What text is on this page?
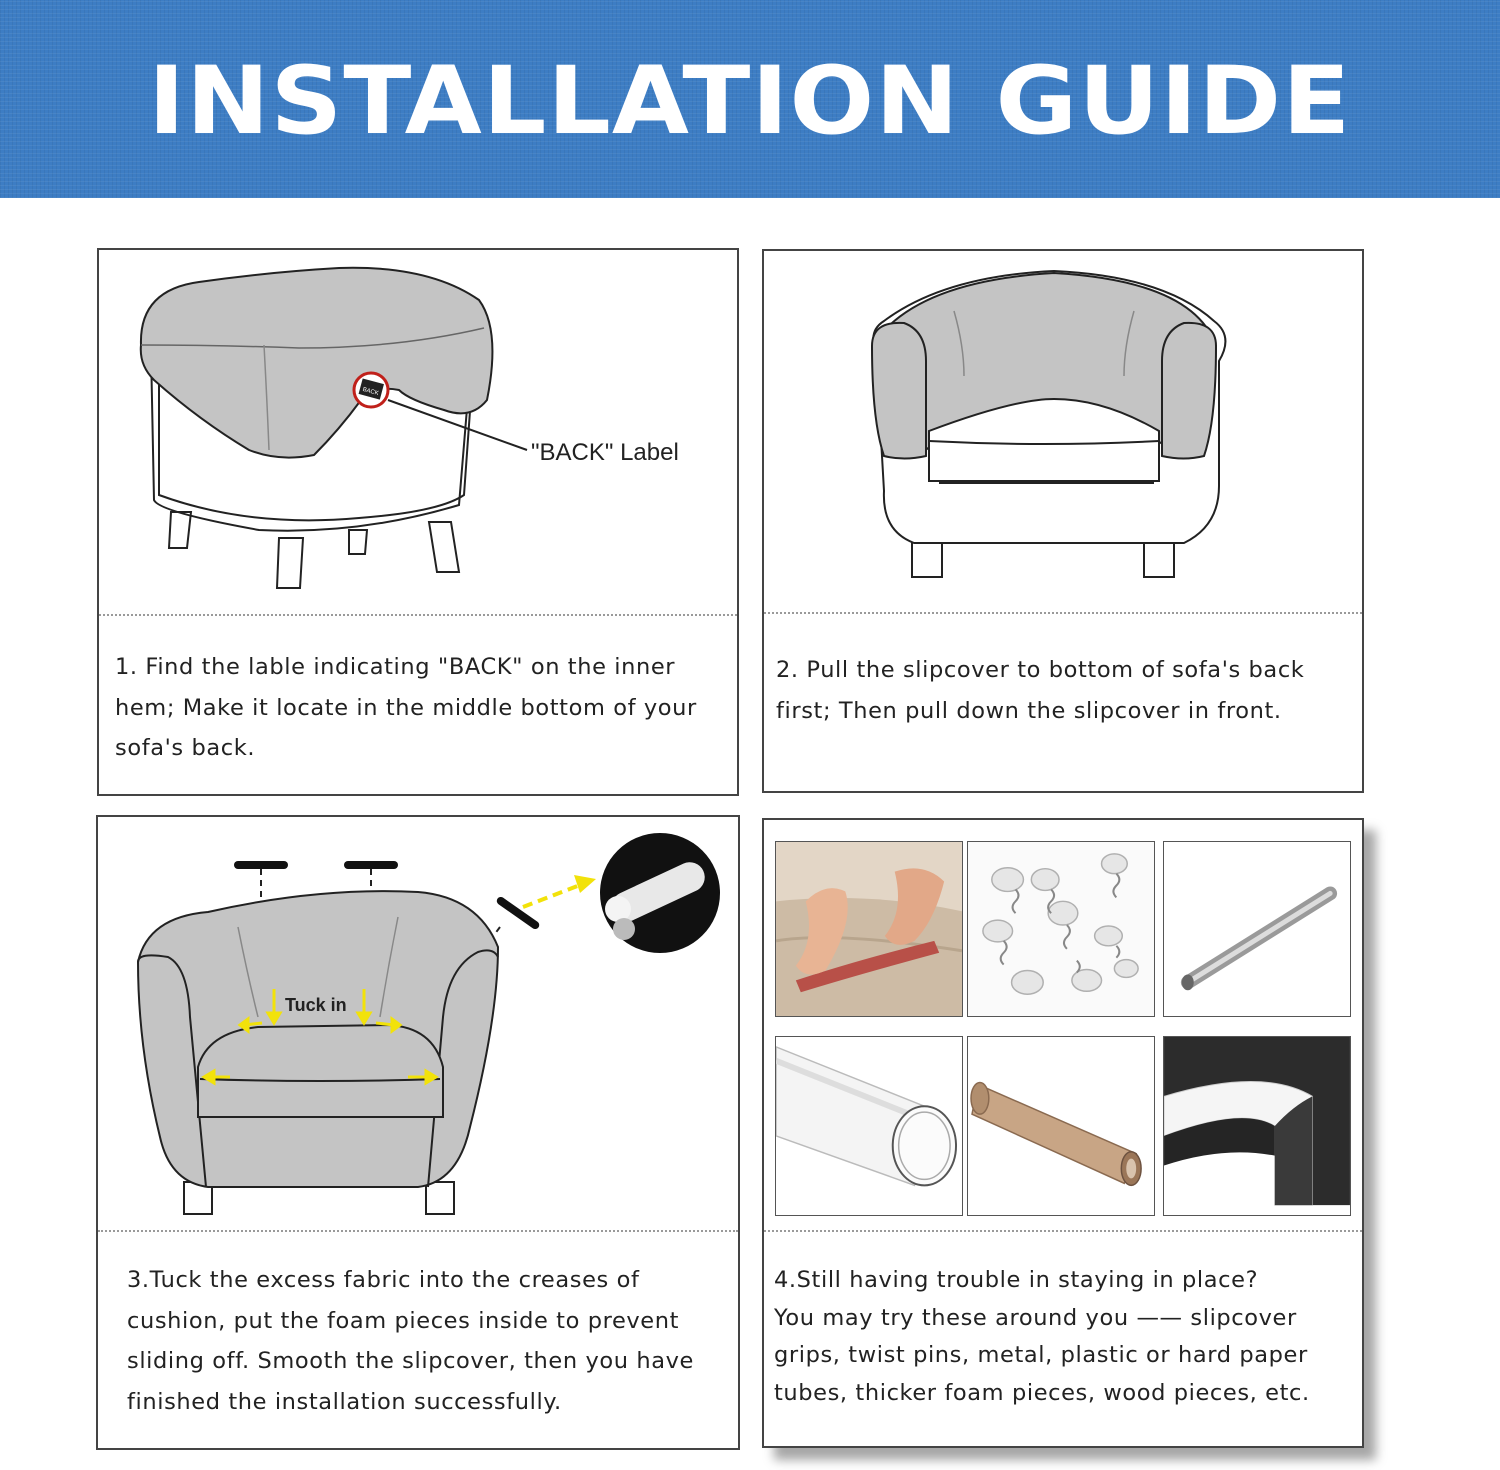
INSTALLATION GUIDE
BACK
"BACK" Label
1. Find the lable indicating "BACK" on the inner
hem; Make it locate in the middle bottom of your
sofa's back.
2. Pull the slipcover to bottom of sofa's back
first; Then pull down the slipcover in front.
Tuck in
3.Tuck the excess fabric into the creases of
cushion, put the foam pieces inside to prevent
sliding off. Smooth the slipcover, then you have
finished the installation successfully.
4.Still having trouble in staying in place?
You may try these around you —— slipcover
grips, twist pins, metal, plastic or hard paper
tubes, thicker foam pieces, wood pieces, etc.
